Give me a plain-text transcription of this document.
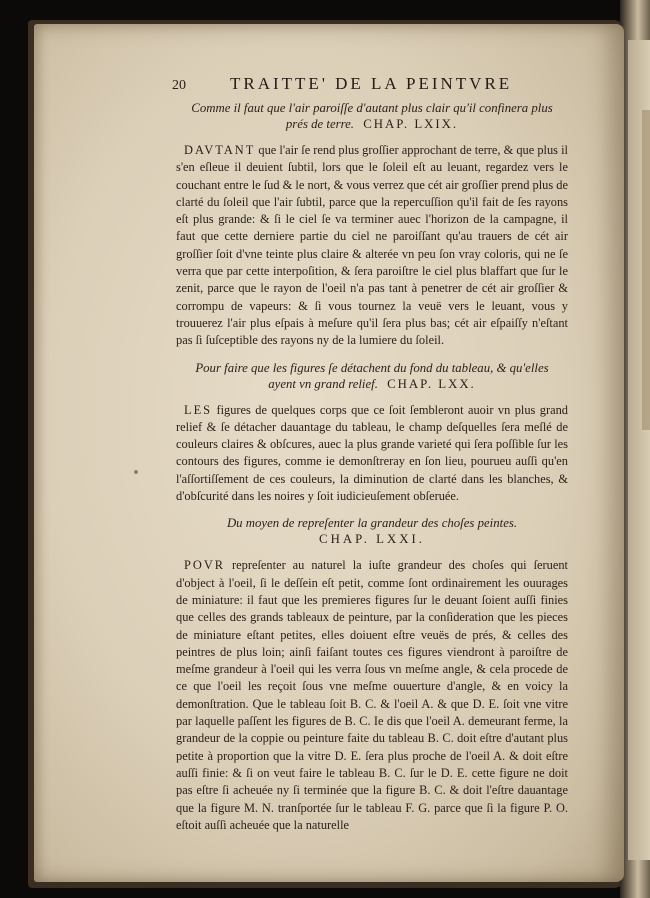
20	TRAITTE' DE LA PEINTVRE
Comme il faut que l'air paroiſſe d'autant plus clair qu'il confinera plus prés de terre. CHAP. LXIX.

DAVTANT que l'air ſe rend plus groſſier approchant de terre, & que plus il s'en eſleue il deuient ſubtil, lors que le ſoleil eſt au leuant, regardez vers le couchant entre le ſud & le nort, & vous verrez que cét air groſſier prend plus de clarté du ſoleil que l'air ſubtil, parce que la repercuſſion qu'il fait de ſes rayons eſt plus grande: & ſi le ciel ſe va terminer auec l'horizon de la campagne, il faut que cette derniere partie du ciel ne paroiſſant qu'au trauers de cét air groſſier ſoit d'vne teinte plus claire & alterée vn peu ſon vray coloris, qui ne ſe verra que par cette interpoſition, & ſera paroiſtre le ciel plus blaffart que ſur le zenit, parce que le rayon de l'oeil n'a pas tant à penetrer de cét air groſſier & corrompu de vapeurs: & ſi vous tournez la veuë vers le leuant, vous y trouuerez l'air plus eſpais à meſure qu'il ſera plus bas; cét air eſpaiſſy n'eſtant pas ſi ſuſceptible des rayons ny de la lumiere du ſoleil.

Pour faire que les figures ſe détachent du fond du tableau, & qu'elles ayent vn grand relief. CHAP. LXX.

LES figures de quelques corps que ce ſoit ſembleront auoir vn plus grand relief & ſe détacher dauantage du tableau, le champ deſquelles ſera meſlé de couleurs claires & obſcures, auec la plus grande varieté qui ſera poſſible ſur les contours des figures, comme ie demonſtreray en ſon lieu, pourueu auſſi qu'en l'aſſortiſſement de ces couleurs, la diminution de clarté dans les blanches, & d'obſcurité dans les noires y ſoit iudicieuſement obſeruée.

Du moyen de repreſenter la grandeur des choſes peintes.
CHAP. LXXI.

POVR repreſenter au naturel la iuſte grandeur des choſes qui ſeruent d'object à l'oeil, ſi le deſſein eſt petit, comme ſont ordinairement les ouurages de miniature: il faut que les premieres figures ſur le deuant ſoient auſſi finies que celles des grands tableaux de peinture, par la conſideration que les pieces de miniature eſtant petites, elles doiuent eſtre veuës de prés, & celles des peintres de plus loin; ainſi faiſant toutes ces figures viendront à paroiſtre de meſme grandeur à l'oeil qui les verra ſous vn meſme angle, & cela procede de ce que l'oeil les reçoit ſous vne meſme ouuerture d'angle, & en voicy la demonſtration. Que le tableau ſoit B. C. & l'oeil A. & que D. E. ſoit vne vitre par laquelle paſſent les figures de B. C. Ie dis que l'oeil A. demeurant ferme, la grandeur de la coppie ou peinture faite du tableau B. C. doit eſtre d'autant plus petite à proportion que la vitre D. E. ſera plus proche de l'oeil A. & doit eſtre auſſi finie: & ſi on veut faire le tableau B. C. ſur le D. E. cette figure ne doit pas eſtre ſi acheuée ny ſi terminée que la figure B. C. & doit l'eſtre dauantage que la figure M. N. tranſportée ſur le tableau F. G. parce que ſi la figure P. O. eſtoit auſſi acheuée que la naturelle
